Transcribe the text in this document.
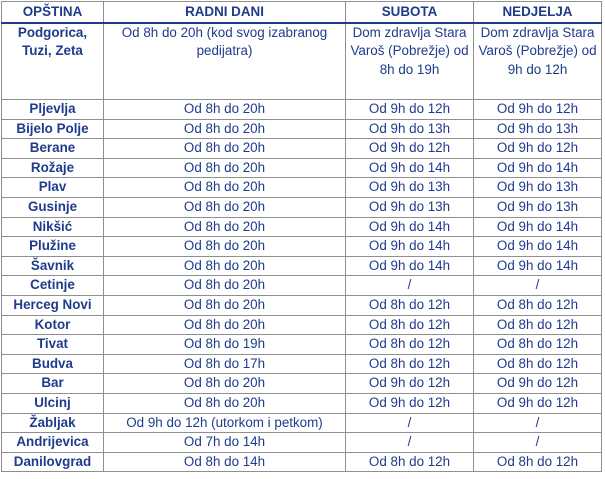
OPŠTINA	RADNI DANI	SUBOTA	NEDJELJA
Podgorica, Tuzi, Zeta	Od 8h do 20h (kod svog izabranog pedijatra)	Dom zdravlja Stara Varoš (Pobrežje) od 8h do 19h	Dom zdravlja Stara Varoš (Pobrežje) od 9h do 12h
Pljevlja	Od 8h do 20h	Od 9h do 12h	Od 9h do 12h
Bijelo Polje	Od 8h do 20h	Od 9h do 13h	Od 9h do 13h
Berane	Od 8h do 20h	Od 9h do 12h	Od 9h do 12h
Rožaje	Od 8h do 20h	Od 9h do 14h	Od 9h do 14h
Plav	Od 8h do 20h	Od 9h do 13h	Od 9h do 13h
Gusinje	Od 8h do 20h	Od 9h do 13h	Od 9h do 13h
Nikšić	Od 8h do 20h	Od 9h do 14h	Od 9h do 14h
Plužine	Od 8h do 20h	Od 9h do 14h	Od 9h do 14h
Šavnik	Od 8h do 20h	Od 9h do 14h	Od 9h do 14h
Cetinje	Od 8h do 20h	/	/
Herceg Novi	Od 8h do 20h	Od 8h do 12h	Od 8h do 12h
Kotor	Od 8h do 20h	Od 8h do 12h	Od 8h do 12h
Tivat	Od 8h do 19h	Od 8h do 12h	Od 8h do 12h
Budva	Od 8h do 17h	Od 8h do 12h	Od 8h do 12h
Bar	Od 8h do 20h	Od 9h do 12h	Od 9h do 12h
Ulcinj	Od 8h do 20h	Od 9h do 12h	Od 9h do 12h
Žabljak	Od 9h do 12h (utorkom i petkom)	/	/
Andrijevica	Od 7h do 14h	/	/
Danilovgrad	Od 8h do 14h	Od 8h do 12h	Od 8h do 12h
